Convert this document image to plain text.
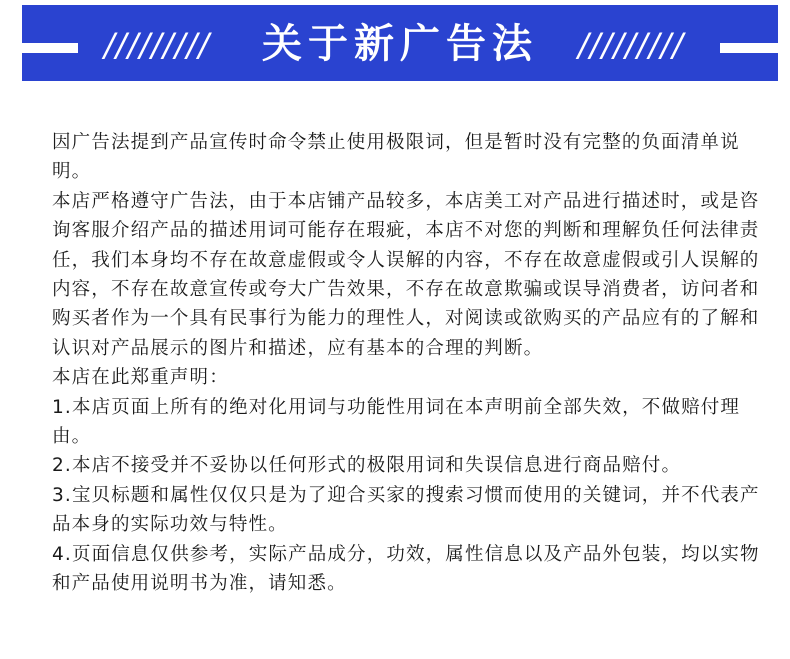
/////////	关于新广告法	/////////

因广告法提到产品宣传时命令禁止使用极限词，但是暂时没有完整的负面清单说明。

本店严格遵守广告法，由于本店铺产品较多，本店美工对产品进行描述时，或是咨询客服介绍产品的描述用词可能存在瑕疵，本店不对您的判断和理解负任何法律责任，我们本身均不存在故意虚假或令人误解的内容，不存在故意虚假或引人误解的内容，不存在故意宣传或夸大广告效果，不存在故意欺骗或误导消费者，访问者和购买者作为一个具有民事行为能力的理性人，对阅读或欲购买的产品应有的了解和认识对产品展示的图片和描述，应有基本的合理的判断。

本店在此郑重声明：

1.本店页面上所有的绝对化用词与功能性用词在本声明前全部失效，不做赔付理由。

2.本店不接受并不妥协以任何形式的极限用词和失误信息进行商品赔付。

3.宝贝标题和属性仅仅只是为了迎合买家的搜索习惯而使用的关键词，并不代表产品本身的实际功效与特性。

4.页面信息仅供参考，实际产品成分，功效，属性信息以及产品外包装，均以实物和产品使用说明书为准，请知悉。
